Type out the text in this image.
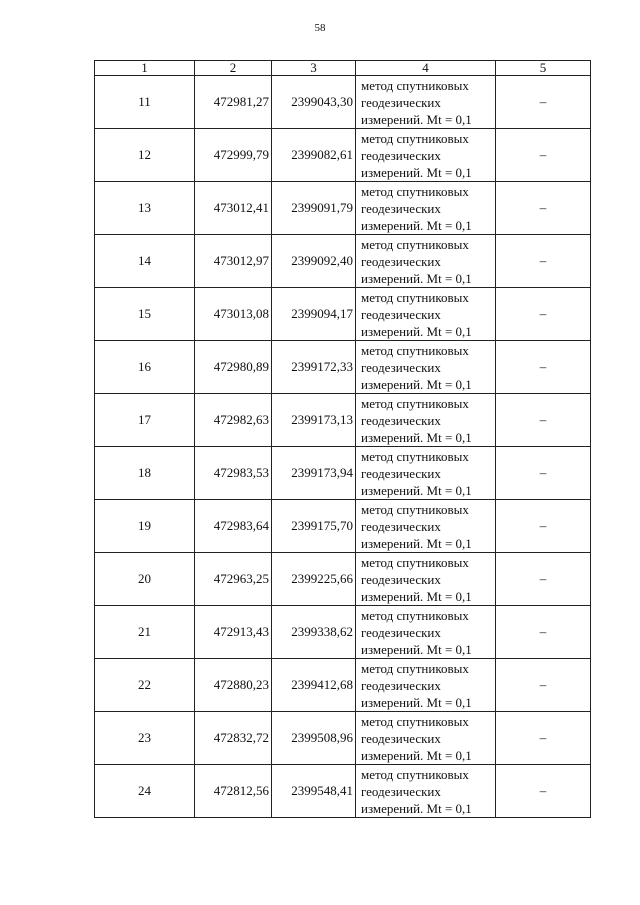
58
1	2	3	4	5
11	472981,27	2399043,30	метод спутниковых
геодезических
измерений. Mt = 0,1	–
12	472999,79	2399082,61	метод спутниковых
геодезических
измерений. Mt = 0,1	–
13	473012,41	2399091,79	метод спутниковых
геодезических
измерений. Mt = 0,1	–
14	473012,97	2399092,40	метод спутниковых
геодезических
измерений. Mt = 0,1	–
15	473013,08	2399094,17	метод спутниковых
геодезических
измерений. Mt = 0,1	–
16	472980,89	2399172,33	метод спутниковых
геодезических
измерений. Mt = 0,1	–
17	472982,63	2399173,13	метод спутниковых
геодезических
измерений. Mt = 0,1	–
18	472983,53	2399173,94	метод спутниковых
геодезических
измерений. Mt = 0,1	–
19	472983,64	2399175,70	метод спутниковых
геодезических
измерений. Mt = 0,1	–
20	472963,25	2399225,66	метод спутниковых
геодезических
измерений. Mt = 0,1	–
21	472913,43	2399338,62	метод спутниковых
геодезических
измерений. Mt = 0,1	–
22	472880,23	2399412,68	метод спутниковых
геодезических
измерений. Mt = 0,1	–
23	472832,72	2399508,96	метод спутниковых
геодезических
измерений. Mt = 0,1	–
24	472812,56	2399548,41	метод спутниковых
геодезических
измерений. Mt = 0,1	–
